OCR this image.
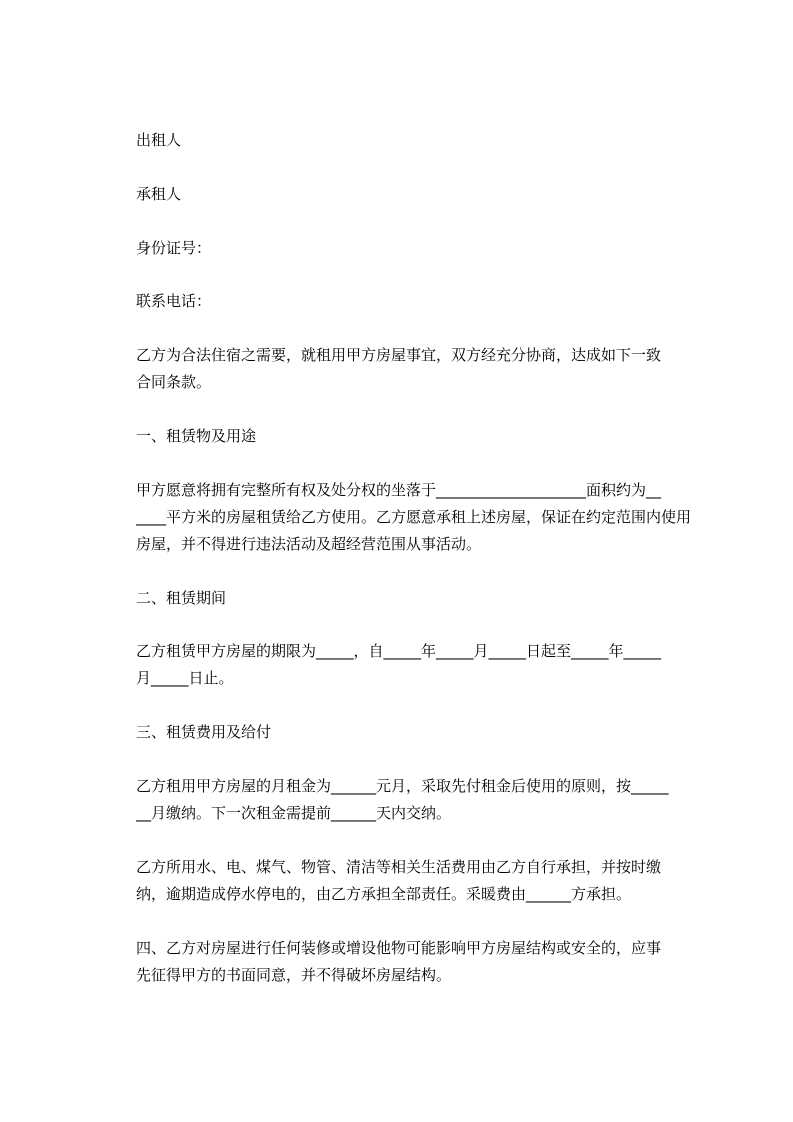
出租人
承租人
身份证号：
联系电话：
乙方为合法住宿之需要，就租用甲方房屋事宜，双方经充分协商，达成如下一致
合同条款。
一、租赁物及用途
甲方愿意将拥有完整所有权及处分权的坐落于____________________面积约为__
____平方米的房屋租赁给乙方使用。乙方愿意承租上述房屋，保证在约定范围内使用
房屋，并不得进行违法活动及超经营范围从事活动。
二、租赁期间
乙方租赁甲方房屋的期限为_____，自_____年_____月_____日起至_____年_____
月_____日止。
三、租赁费用及给付
乙方租用甲方房屋的月租金为______元月，采取先付租金后使用的原则，按_____
__月缴纳。下一次租金需提前______天内交纳。
乙方所用水、电、煤气、物管、清洁等相关生活费用由乙方自行承担，并按时缴
纳，逾期造成停水停电的，由乙方承担全部责任。采暖费由______方承担。
四、乙方对房屋进行任何装修或增设他物可能影响甲方房屋结构或安全的，应事
先征得甲方的书面同意，并不得破坏房屋结构。
